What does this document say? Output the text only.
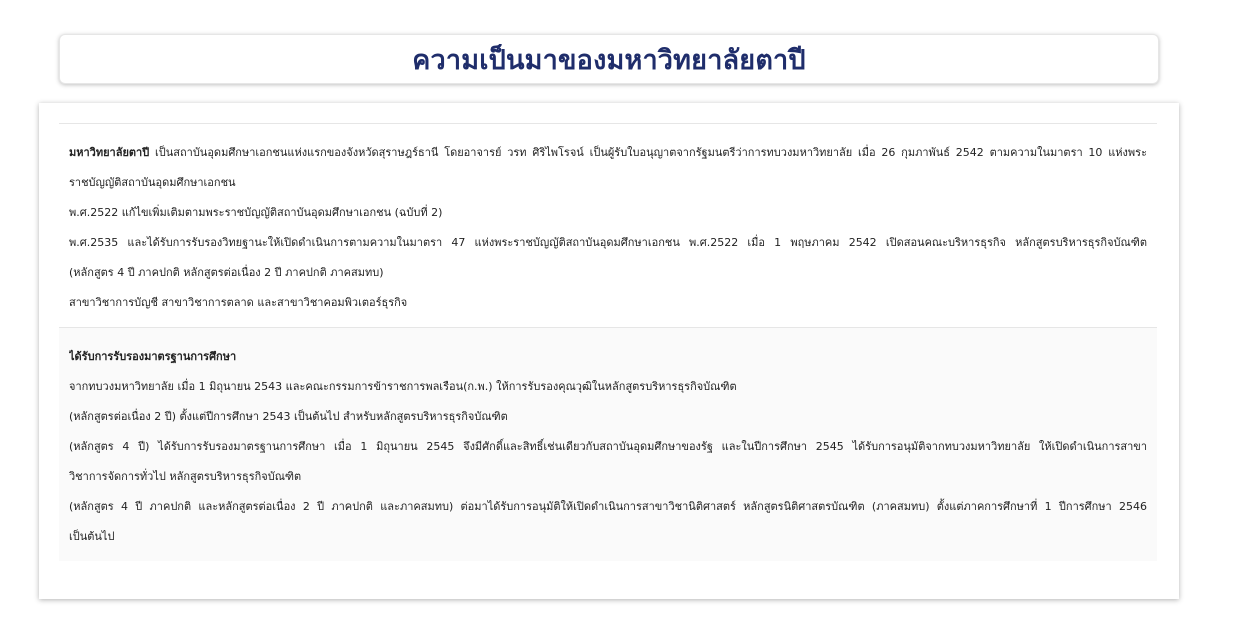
ความเป็นมาของมหาวิทยาลัยตาปี

มหาวิทยาลัยตาปี เป็นสถาบันอุดมศึกษาเอกชนแห่งแรกของจังหวัดสุราษฎร์ธานี โดยอาจารย์ วรท ศิริไพโรจน์ เป็นผู้รับใบอนุญาตจากรัฐมนตรีว่าการทบวงมหาวิทยาลัย เมื่อ 26 กุมภาพันธ์ 2542 ตามความในมาตรา 10 แห่งพระ

ราชบัญญัติสถาบันอุดมศึกษาเอกชน

พ.ศ.2522 แก้ไขเพิ่มเติมตามพระราชบัญญัติสถาบันอุดมศึกษาเอกชน (ฉบับที่ 2)

พ.ศ.2535 และได้รับการรับรองวิทยฐานะให้เปิดดำเนินการตามความในมาตรา 47 แห่งพระราชบัญญัติสถาบันอุดมศึกษาเอกชน พ.ศ.2522 เมื่อ 1 พฤษภาคม 2542 เปิดสอนคณะบริหารธุรกิจ หลักสูตรบริหารธุรกิจบัณฑิต

(หลักสูตร 4 ปี ภาคปกติ หลักสูตรต่อเนื่อง 2 ปี ภาคปกติ ภาคสมทบ)

สาขาวิชาการบัญชี สาขาวิชาการตลาด และสาขาวิชาคอมพิวเตอร์ธุรกิจ

ได้รับการรับรองมาตรฐานการศึกษา

จากทบวงมหาวิทยาลัย เมื่อ 1 มิถุนายน 2543 และคณะกรรมการข้าราชการพลเรือน(ก.พ.) ให้การรับรองคุณวุฒิในหลักสูตรบริหารธุรกิจบัณฑิต

(หลักสูตรต่อเนื่อง 2 ปี) ตั้งแต่ปีการศึกษา 2543 เป็นต้นไป สำหรับหลักสูตรบริหารธุรกิจบัณฑิต

(หลักสูตร 4 ปี) ได้รับการรับรองมาตรฐานการศึกษา เมื่อ 1 มิถุนายน 2545 จึงมีศักดิ์และสิทธิ์เช่นเดียวกับสถาบันอุดมศึกษาของรัฐ และในปีการศึกษา 2545 ได้รับการอนุมัติจากทบวงมหาวิทยาลัย ให้เปิดดำเนินการสาขา

วิชาการจัดการทั่วไป หลักสูตรบริหารธุรกิจบัณฑิต

(หลักสูตร 4 ปี ภาคปกติ และหลักสูตรต่อเนื่อง 2 ปี ภาคปกติ และภาคสมทบ) ต่อมาได้รับการอนุมัติให้เปิดดำเนินการสาขาวิชานิติศาสตร์ หลักสูตรนิติศาสตรบัณฑิต (ภาคสมทบ) ตั้งแต่ภาคการศึกษาที่ 1 ปีการศึกษา 2546

เป็นต้นไป
